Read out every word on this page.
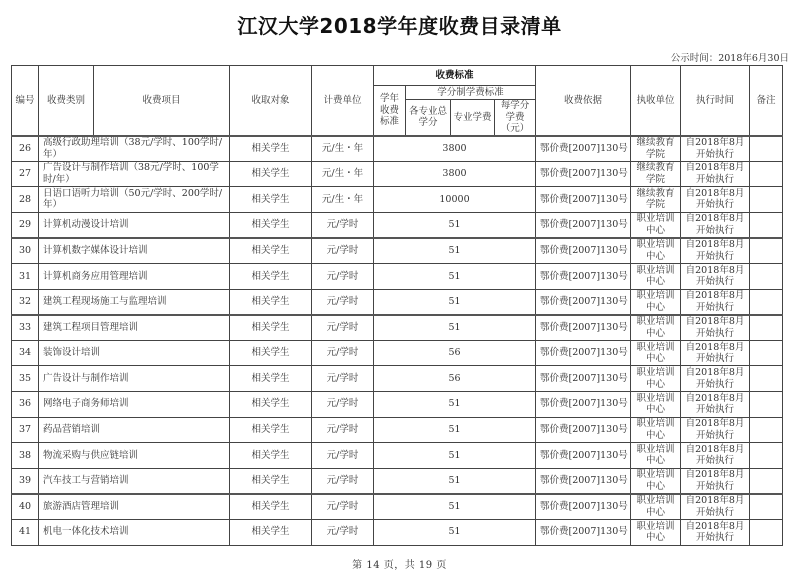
江汉大学2018学年度收费目录清单
公示时间：2018年6月30日
编号	收费类别	收费项目	收取对象	计费单位	收费标准				收费依据	执收单位	执行时间	备注
					学年收费标准	学分制学费标准						
						各专业总学分	专业学费	每学分学费（元）				
26	高级行政助理培训（38元/学时、100学时/年）		相关学生	元/生・年	3800				鄂价费[2007]130号	继续教育学院	自2018年8月开始执行	
27	广告设计与制作培训（38元/学时、100学时/年）		相关学生	元/生・年	3800				鄂价费[2007]130号	继续教育学院	自2018年8月开始执行	
28	日语口语听力培训（50元/学时、200学时/年）		相关学生	元/生・年	10000				鄂价费[2007]130号	继续教育学院	自2018年8月开始执行	
29	计算机动漫设计培训		相关学生	元/学时	51				鄂价费[2007]130号	职业培训中心	自2018年8月开始执行	
30	计算机数字媒体设计培训		相关学生	元/学时	51				鄂价费[2007]130号	职业培训中心	自2018年8月开始执行	
31	计算机商务应用管理培训		相关学生	元/学时	51				鄂价费[2007]130号	职业培训中心	自2018年8月开始执行	
32	建筑工程现场施工与监理培训		相关学生	元/学时	51				鄂价费[2007]130号	职业培训中心	自2018年8月开始执行	
33	建筑工程项目管理培训		相关学生	元/学时	51				鄂价费[2007]130号	职业培训中心	自2018年8月开始执行	
34	装饰设计培训		相关学生	元/学时	56				鄂价费[2007]130号	职业培训中心	自2018年8月开始执行	
35	广告设计与制作培训		相关学生	元/学时	56				鄂价费[2007]130号	职业培训中心	自2018年8月开始执行	
36	网络电子商务师培训		相关学生	元/学时	51				鄂价费[2007]130号	职业培训中心	自2018年8月开始执行	
37	药品营销培训		相关学生	元/学时	51				鄂价费[2007]130号	职业培训中心	自2018年8月开始执行	
38	物流采购与供应链培训		相关学生	元/学时	51				鄂价费[2007]130号	职业培训中心	自2018年8月开始执行	
39	汽车技工与营销培训		相关学生	元/学时	51				鄂价费[2007]130号	职业培训中心	自2018年8月开始执行	
40	旅游酒店管理培训		相关学生	元/学时	51				鄂价费[2007]130号	职业培训中心	自2018年8月开始执行	
41	机电一体化技术培训		相关学生	元/学时	51				鄂价费[2007]130号	职业培训中心	自2018年8月开始执行	
第 14 页，共 19 页
